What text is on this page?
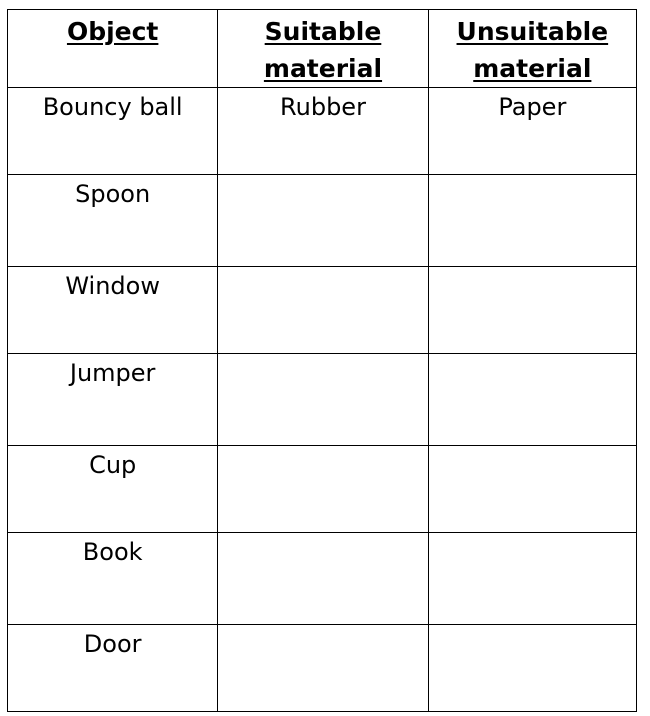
Object	Suitable material	Unsuitable material
Bouncy ball	Rubber	Paper
Spoon		
Window		
Jumper		
Cup		
Book		
Door		
